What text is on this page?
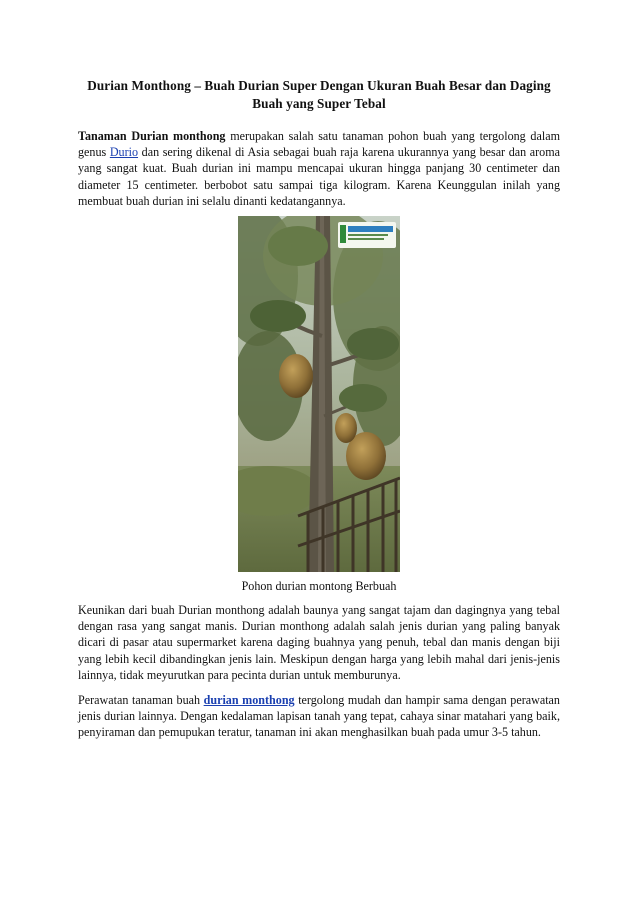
Durian Monthong – Buah Durian Super Dengan Ukuran Buah Besar dan Daging Buah yang Super Tebal

Tanaman Durian monthong merupakan salah satu tanaman pohon buah yang tergolong dalam genus Durio dan sering dikenal di Asia sebagai buah raja karena ukurannya yang besar dan aroma yang sangat kuat. Buah durian ini mampu mencapai ukuran hingga panjang 30 centimeter dan diameter 15 centimeter. berbobot satu sampai tiga kilogram. Karena Keunggulan inilah yang membuat buah durian ini selalu dinanti kedatangannya.

Pohon durian montong Berbuah

Keunikan dari buah Durian monthong adalah baunya yang sangat tajam dan dagingnya yang tebal dengan rasa yang sangat manis. Durian monthong adalah salah jenis durian yang paling banyak dicari di pasar atau supermarket karena daging buahnya yang penuh, tebal dan manis dengan biji yang lebih kecil dibandingkan jenis lain. Meskipun dengan harga yang lebih mahal dari jenis-jenis lainnya, tidak meyurutkan para pecinta durian untuk memburunya.

Perawatan tanaman buah durian monthong tergolong mudah dan hampir sama dengan perawatan jenis durian lainnya. Dengan kedalaman lapisan tanah yang tepat, cahaya sinar matahari yang baik, penyiraman dan pemupukan teratur, tanaman ini akan menghasilkan buah pada umur 3-5 tahun.
